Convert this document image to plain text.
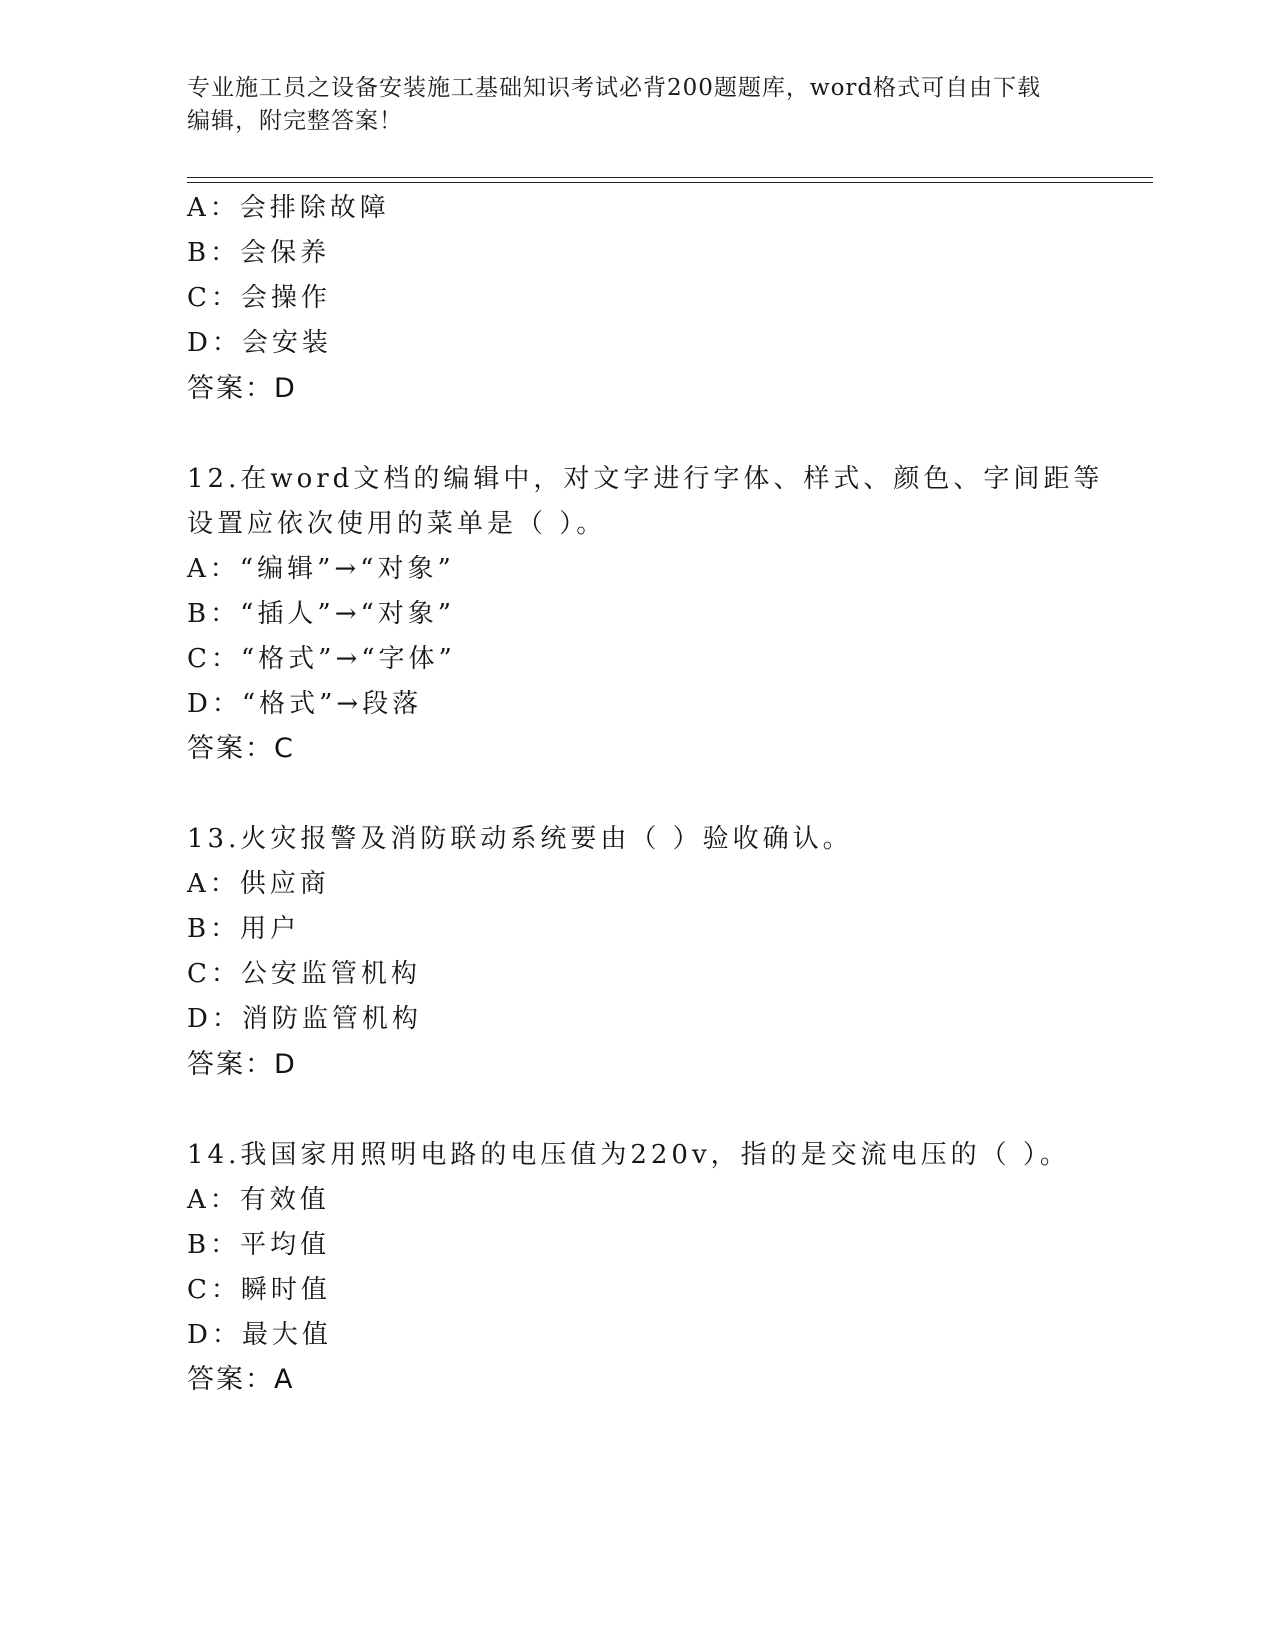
专业施工员之设备安装施工基础知识考试必背200题题库，word格式可自由下载
编辑，附完整答案！
A：会排除故障
B：会保养
C：会操作
D：会安装
答案：D
12.在word文档的编辑中，对文字进行字体、样式、颜色、字间距等
设置应依次使用的菜单是（ ）。
A：“编辑”→“对象”
B：“插人”→“对象”
C：“格式”→“字体”
D：“格式”→段落
答案：C
13.火灾报警及消防联动系统要由（ ）验收确认。
A：供应商
B：用户
C：公安监管机构
D：消防监管机构
答案：D
14.我国家用照明电路的电压值为220v，指的是交流电压的（ ）。
A：有效值
B：平均值
C：瞬时值
D：最大值
答案：A
